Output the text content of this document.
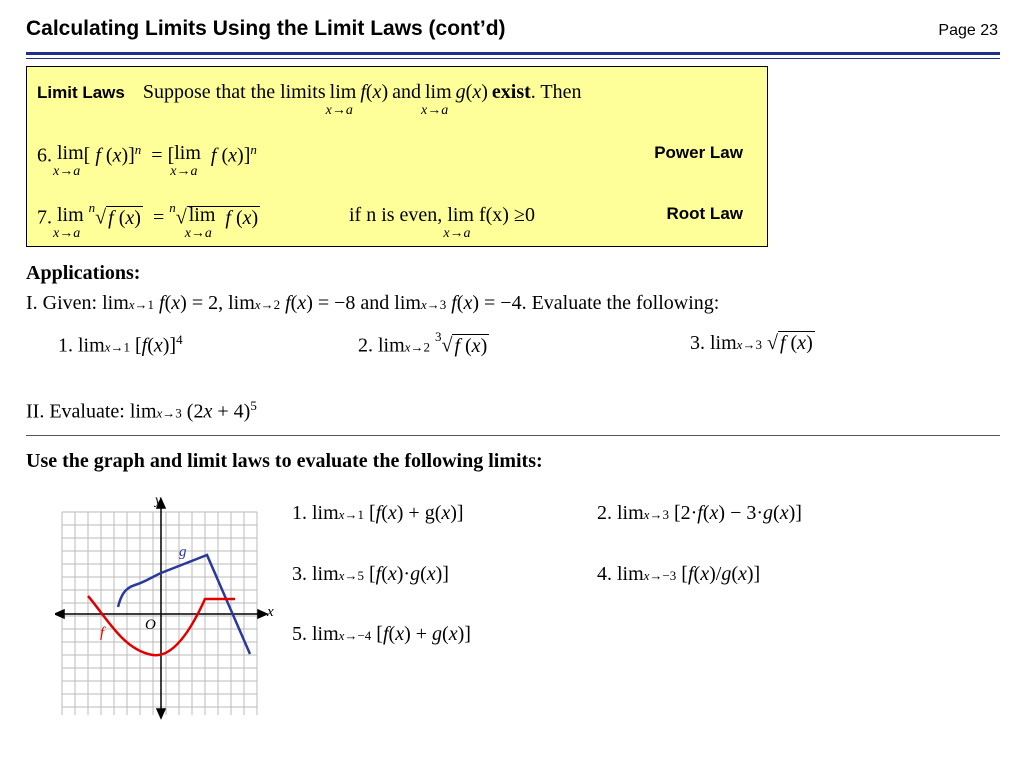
Calculating Limits Using the Limit Laws (cont’d)	Page 23
Limit Laws Suppose that the limits lim
x→a
f(x) and lim
x→a
g(x) exist. Then
6. lim
x→a
[ f (x)]$^n$  = [lim
x→a
f (x)]$^n$	Power Law
7. lim
x→a
$^n$√ f (x)  = $^n$√ lim
x→a
f (x)	if n is even, lim
x→a
f(x) ≥0	Root Law
Applications:
I. Given: limx→1 f(x) = 2, limx→2 f(x) = −8 and limx→3 f(x) = −4. Evaluate the following:
1. limx→1 $[f(x)]^4$	2. limx→2 $^3$√ f (x)	3. limx→3 √ f (x)
II. Evaluate: limx→3 $(2x + 4)^5$
Use the graph and limit laws to evaluate the following limits:
y
x
O
g
f
1. limx→1 [f(x) + g(x)]	2. limx→3 [2·f(x) − 3·g(x)]
3. limx→5 [f(x)·g(x)]	4. limx→−3 [f(x)/g(x)]
5. limx→−4 [f(x) + g(x)]
